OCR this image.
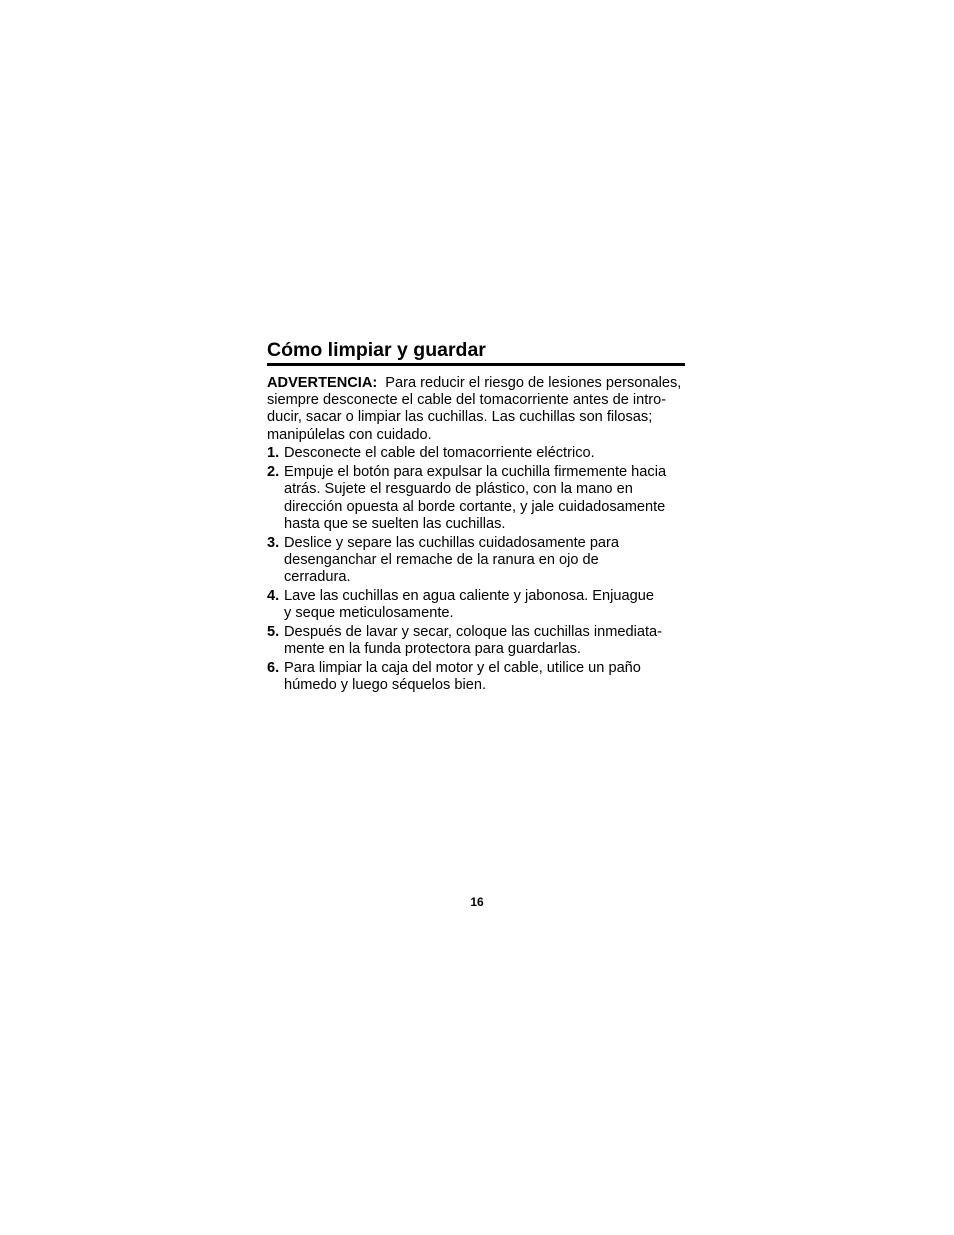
Cómo limpiar y guardar

ADVERTENCIA: Para reducir el riesgo de lesiones personales,
siempre desconecte el cable del tomacorriente antes de intro-
ducir, sacar o limpiar las cuchillas. Las cuchillas son filosas;
manipúlelas con cuidado.

1. Desconecte el cable del tomacorriente eléctrico.
2. Empuje el botón para expulsar la cuchilla firmemente hacia
atrás. Sujete el resguardo de plástico, con la mano en
dirección opuesta al borde cortante, y jale cuidadosamente
hasta que se suelten las cuchillas.
3. Deslice y separe las cuchillas cuidadosamente para
desenganchar el remache de la ranura en ojo de
cerradura.
4. Lave las cuchillas en agua caliente y jabonosa. Enjuague
y seque meticulosamente.
5. Después de lavar y secar, coloque las cuchillas inmediata-
mente en la funda protectora para guardarlas.
6. Para limpiar la caja del motor y el cable, utilice un paño
húmedo y luego séquelos bien.
16
